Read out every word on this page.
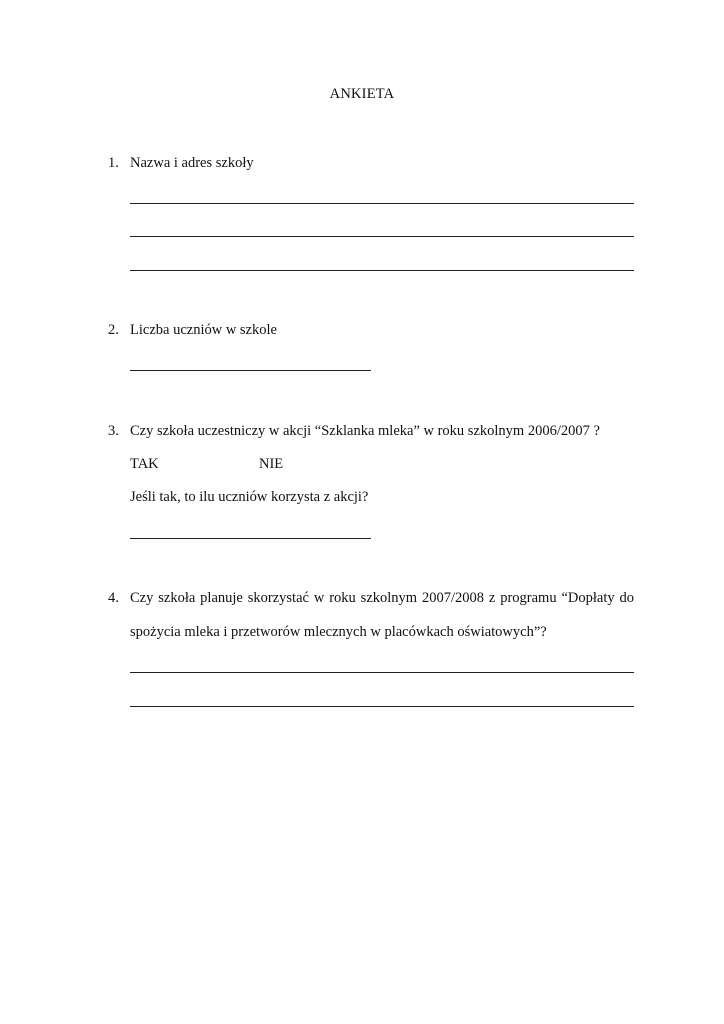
ANKIETA
1. Nazwa i adres szkoły
2. Liczba uczniów w szkole
3. Czy szkoła uczestniczy w akcji “Szklanka mleka” w roku szkolnym 2006/2007 ?
TAK	NIE
Jeśli tak, to ilu uczniów korzysta z akcji?
4. Czy szkoła planuje skorzystać w roku szkolnym 2007/2008 z programu “Dopłaty do
spożycia mleka i przetworów mlecznych w placówkach oświatowych”?
